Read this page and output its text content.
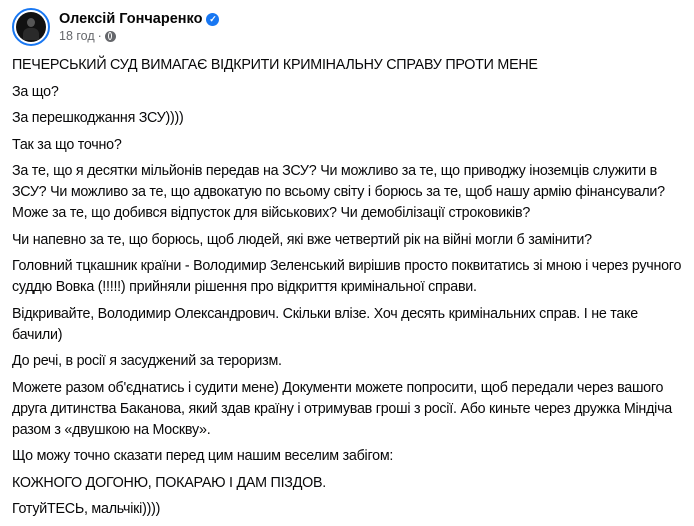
Олексій Гончаренко ✓
18 год ·

ПЕЧЕРСЬКИЙ СУД ВИМАГАЄ ВІДКРИТИ КРИМІНАЛЬНУ СПРАВУ ПРОТИ МЕНЕ

За що?

За перешкоджання ЗСУ))))

Так за що точно?

За те, що я десятки мільйонів передав на ЗСУ? Чи можливо за те, що приводжу іноземців служити в ЗСУ? Чи можливо за те, що адвокатую по всьому світу і борюсь за те, щоб нашу армію фінансували? Може за те, що добився відпусток для військових? Чи демобілізації строковиків?

Чи напевно за те, що борюсь, щоб людей, які вже четвертий рік на війні могли б замінити?

Головний тцкашник країни - Володимир Зеленський вирішив просто поквитатись зі мною і через ручного суддю Вовка (!!!!!) прийняли рішення про відкриття кримінальної справи.

Відкривайте, Володимир Олександрович. Скільки влізе. Хоч десять кримінальних справ. І не таке бачили)

До речі, в росії я засуджений за тероризм.

Можете разом об'єднатись і судити мене) Документи можете попросити, щоб передали через вашого друга дитинства Баканова, який здав країну і отримував гроші з росії. Або киньте через дружка Міндіча разом з «двушкою на Москву».

Що можу точно сказати перед цим нашим веселим забігом:

КОЖНОГО ДОГОНЮ, ПОКАРАЮ І ДАМ ПІЗДОВ.

ГотуйТЕСЬ, мальчікі))))
